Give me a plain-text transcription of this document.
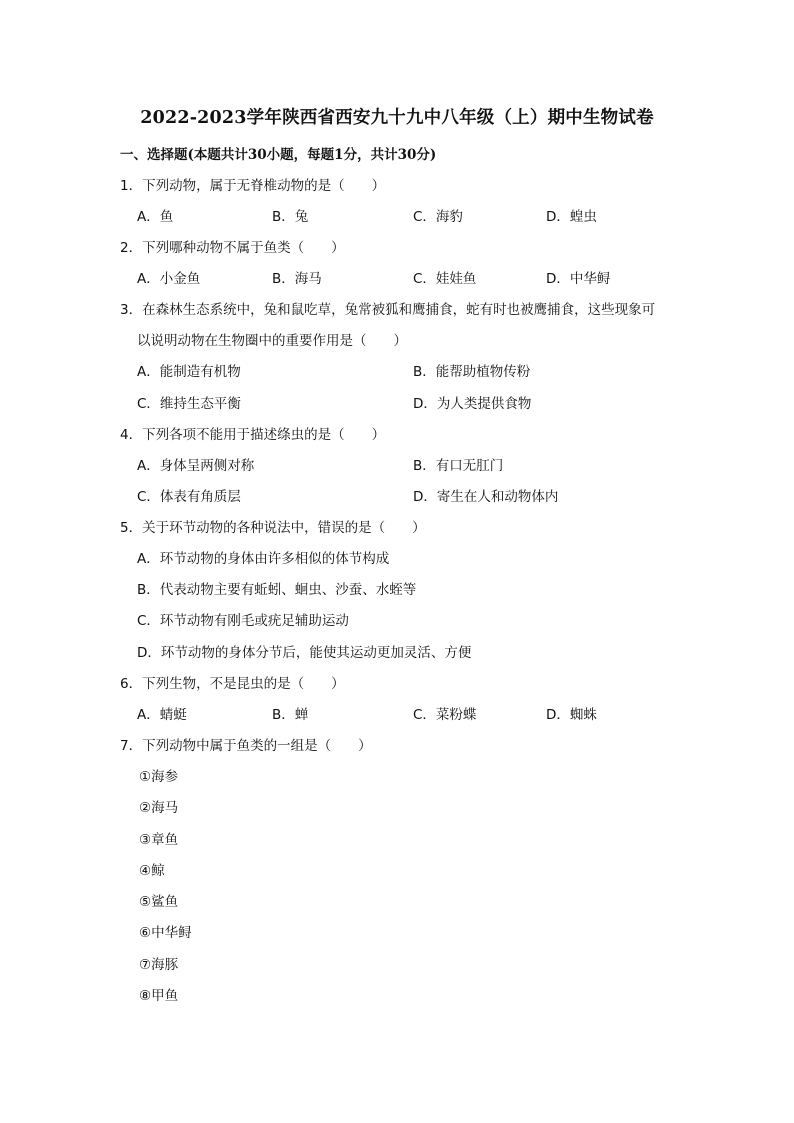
2022-2023学年陕西省西安九十九中八年级（上）期中生物试卷
一、选择题(本题共计30小题，每题1分，共计30分)
1．下列动物，属于无脊椎动物的是（　　）
A．鱼	B．兔	C．海豹	D．蝗虫
2．下列哪种动物不属于鱼类（　　）
A．小金鱼	B．海马	C．娃娃鱼	D．中华鲟
3．在森林生态系统中，兔和鼠吃草，兔常被狐和鹰捕食，蛇有时也被鹰捕食，这些现象可
以说明动物在生物圈中的重要作用是（　　）
A．能制造有机物	B．能帮助植物传粉
C．维持生态平衡	D．为人类提供食物
4．下列各项不能用于描述绦虫的是（　　）
A．身体呈两侧对称	B．有口无肛门
C．体表有角质层	D．寄生在人和动物体内
5．关于环节动物的各种说法中，错误的是（　　）
A．环节动物的身体由许多相似的体节构成
B．代表动物主要有蚯蚓、蛔虫、沙蚕、水蛭等
C．环节动物有刚毛或疣足辅助运动
D．环节动物的身体分节后，能使其运动更加灵活、方便
6．下列生物，不是昆虫的是（　　）
A．蜻蜓	B．蝉	C．菜粉蝶	D．蜘蛛
7．下列动物中属于鱼类的一组是（　　）
①海参
②海马
③章鱼
④鲸
⑤鲨鱼
⑥中华鲟
⑦海豚
⑧甲鱼
